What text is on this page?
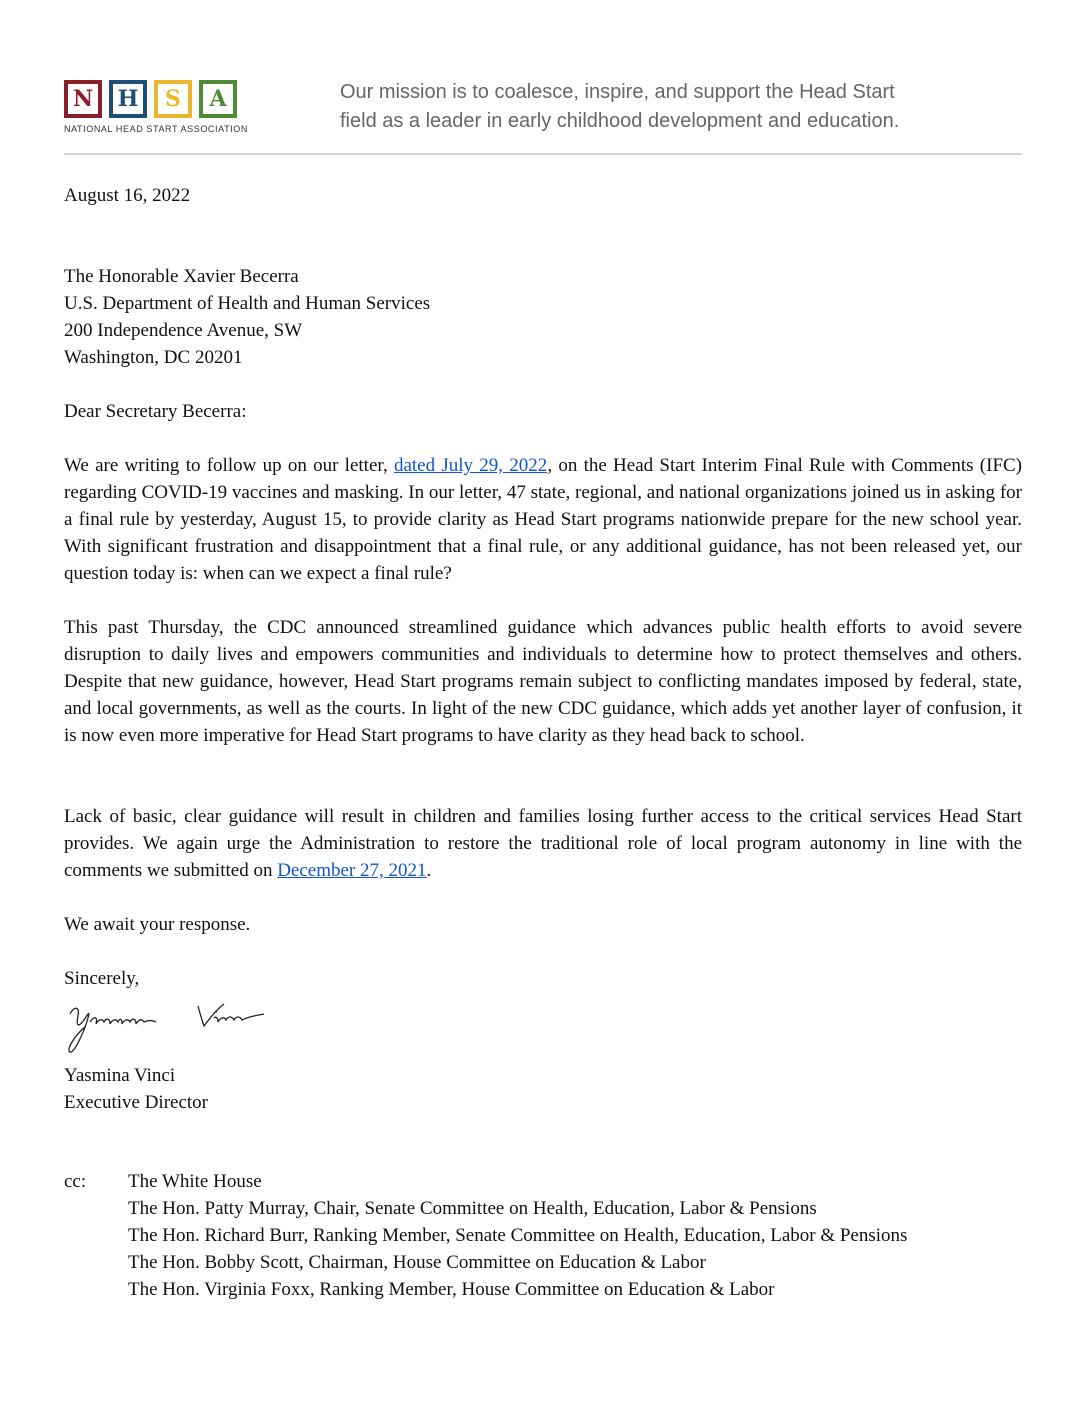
N	H	S	A
NATIONAL HEAD START ASSOCIATION
Our mission is to coalesce, inspire, and support the Head Start
field as a leader in early childhood development and education.
August 16, 2022
The Honorable Xavier Becerra
U.S. Department of Health and Human Services
200 Independence Avenue, SW
Washington, DC 20201
Dear Secretary Becerra:
We are writing to follow up on our letter, dated July 29, 2022, on the Head Start Interim Final Rule with Comments (IFC) regarding COVID-19 vaccines and masking. In our letter, 47 state, regional, and national organizations joined us in asking for a final rule by yesterday, August 15, to provide clarity as Head Start programs nationwide prepare for the new school year. With significant frustration and disappointment that a final rule, or any additional guidance, has not been released yet, our question today is: when can we expect a final rule?
This past Thursday, the CDC announced streamlined guidance which advances public health efforts to avoid severe disruption to daily lives and empowers communities and individuals to determine how to protect themselves and others. Despite that new guidance, however, Head Start programs remain subject to conflicting mandates imposed by federal, state, and local governments, as well as the courts. In light of the new CDC guidance, which adds yet another layer of confusion, it is now even more imperative for Head Start programs to have clarity as they head back to school.
Lack of basic, clear guidance will result in children and families losing further access to the critical services Head Start provides. We again urge the Administration to restore the traditional role of local program autonomy in line with the comments we submitted on December 27, 2021.
We await your response.
Sincerely,
Yasmina Vinci
Executive Director
cc:	The White House
The Hon. Patty Murray, Chair, Senate Committee on Health, Education, Labor & Pensions
The Hon. Richard Burr, Ranking Member, Senate Committee on Health, Education, Labor & Pensions
The Hon. Bobby Scott, Chairman, House Committee on Education & Labor
The Hon. Virginia Foxx, Ranking Member, House Committee on Education & Labor
